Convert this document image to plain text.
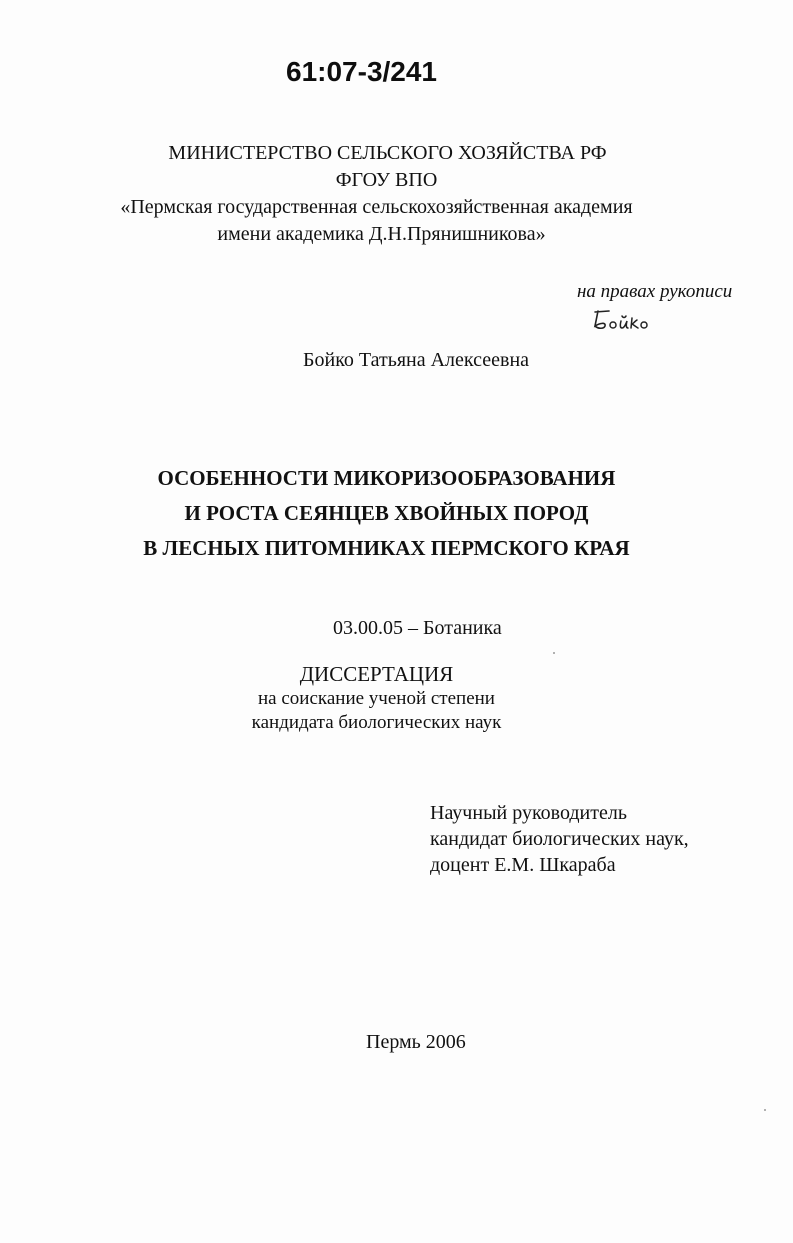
61:07-3/241
МИНИСТЕРСТВО СЕЛЬСКОГО ХОЗЯЙСТВА РФ
ФГОУ ВПО
«Пермская государственная сельскохозяйственная академия
имени академика Д.Н.Прянишникова»
на правах рукописи
Бойко Татьяна Алексеевна
ОСОБЕННОСТИ МИКОРИЗООБРАЗОВАНИЯ
И РОСТА СЕЯНЦЕВ ХВОЙНЫХ ПОРОД
В ЛЕСНЫХ ПИТОМНИКАХ ПЕРМСКОГО КРАЯ
03.00.05 – Ботаника
ДИССЕРТАЦИЯ
на соискание ученой степени
кандидата биологических наук
Научный руководитель
кандидат биологических наук,
доцент Е.М. Шкараба
Пермь 2006
